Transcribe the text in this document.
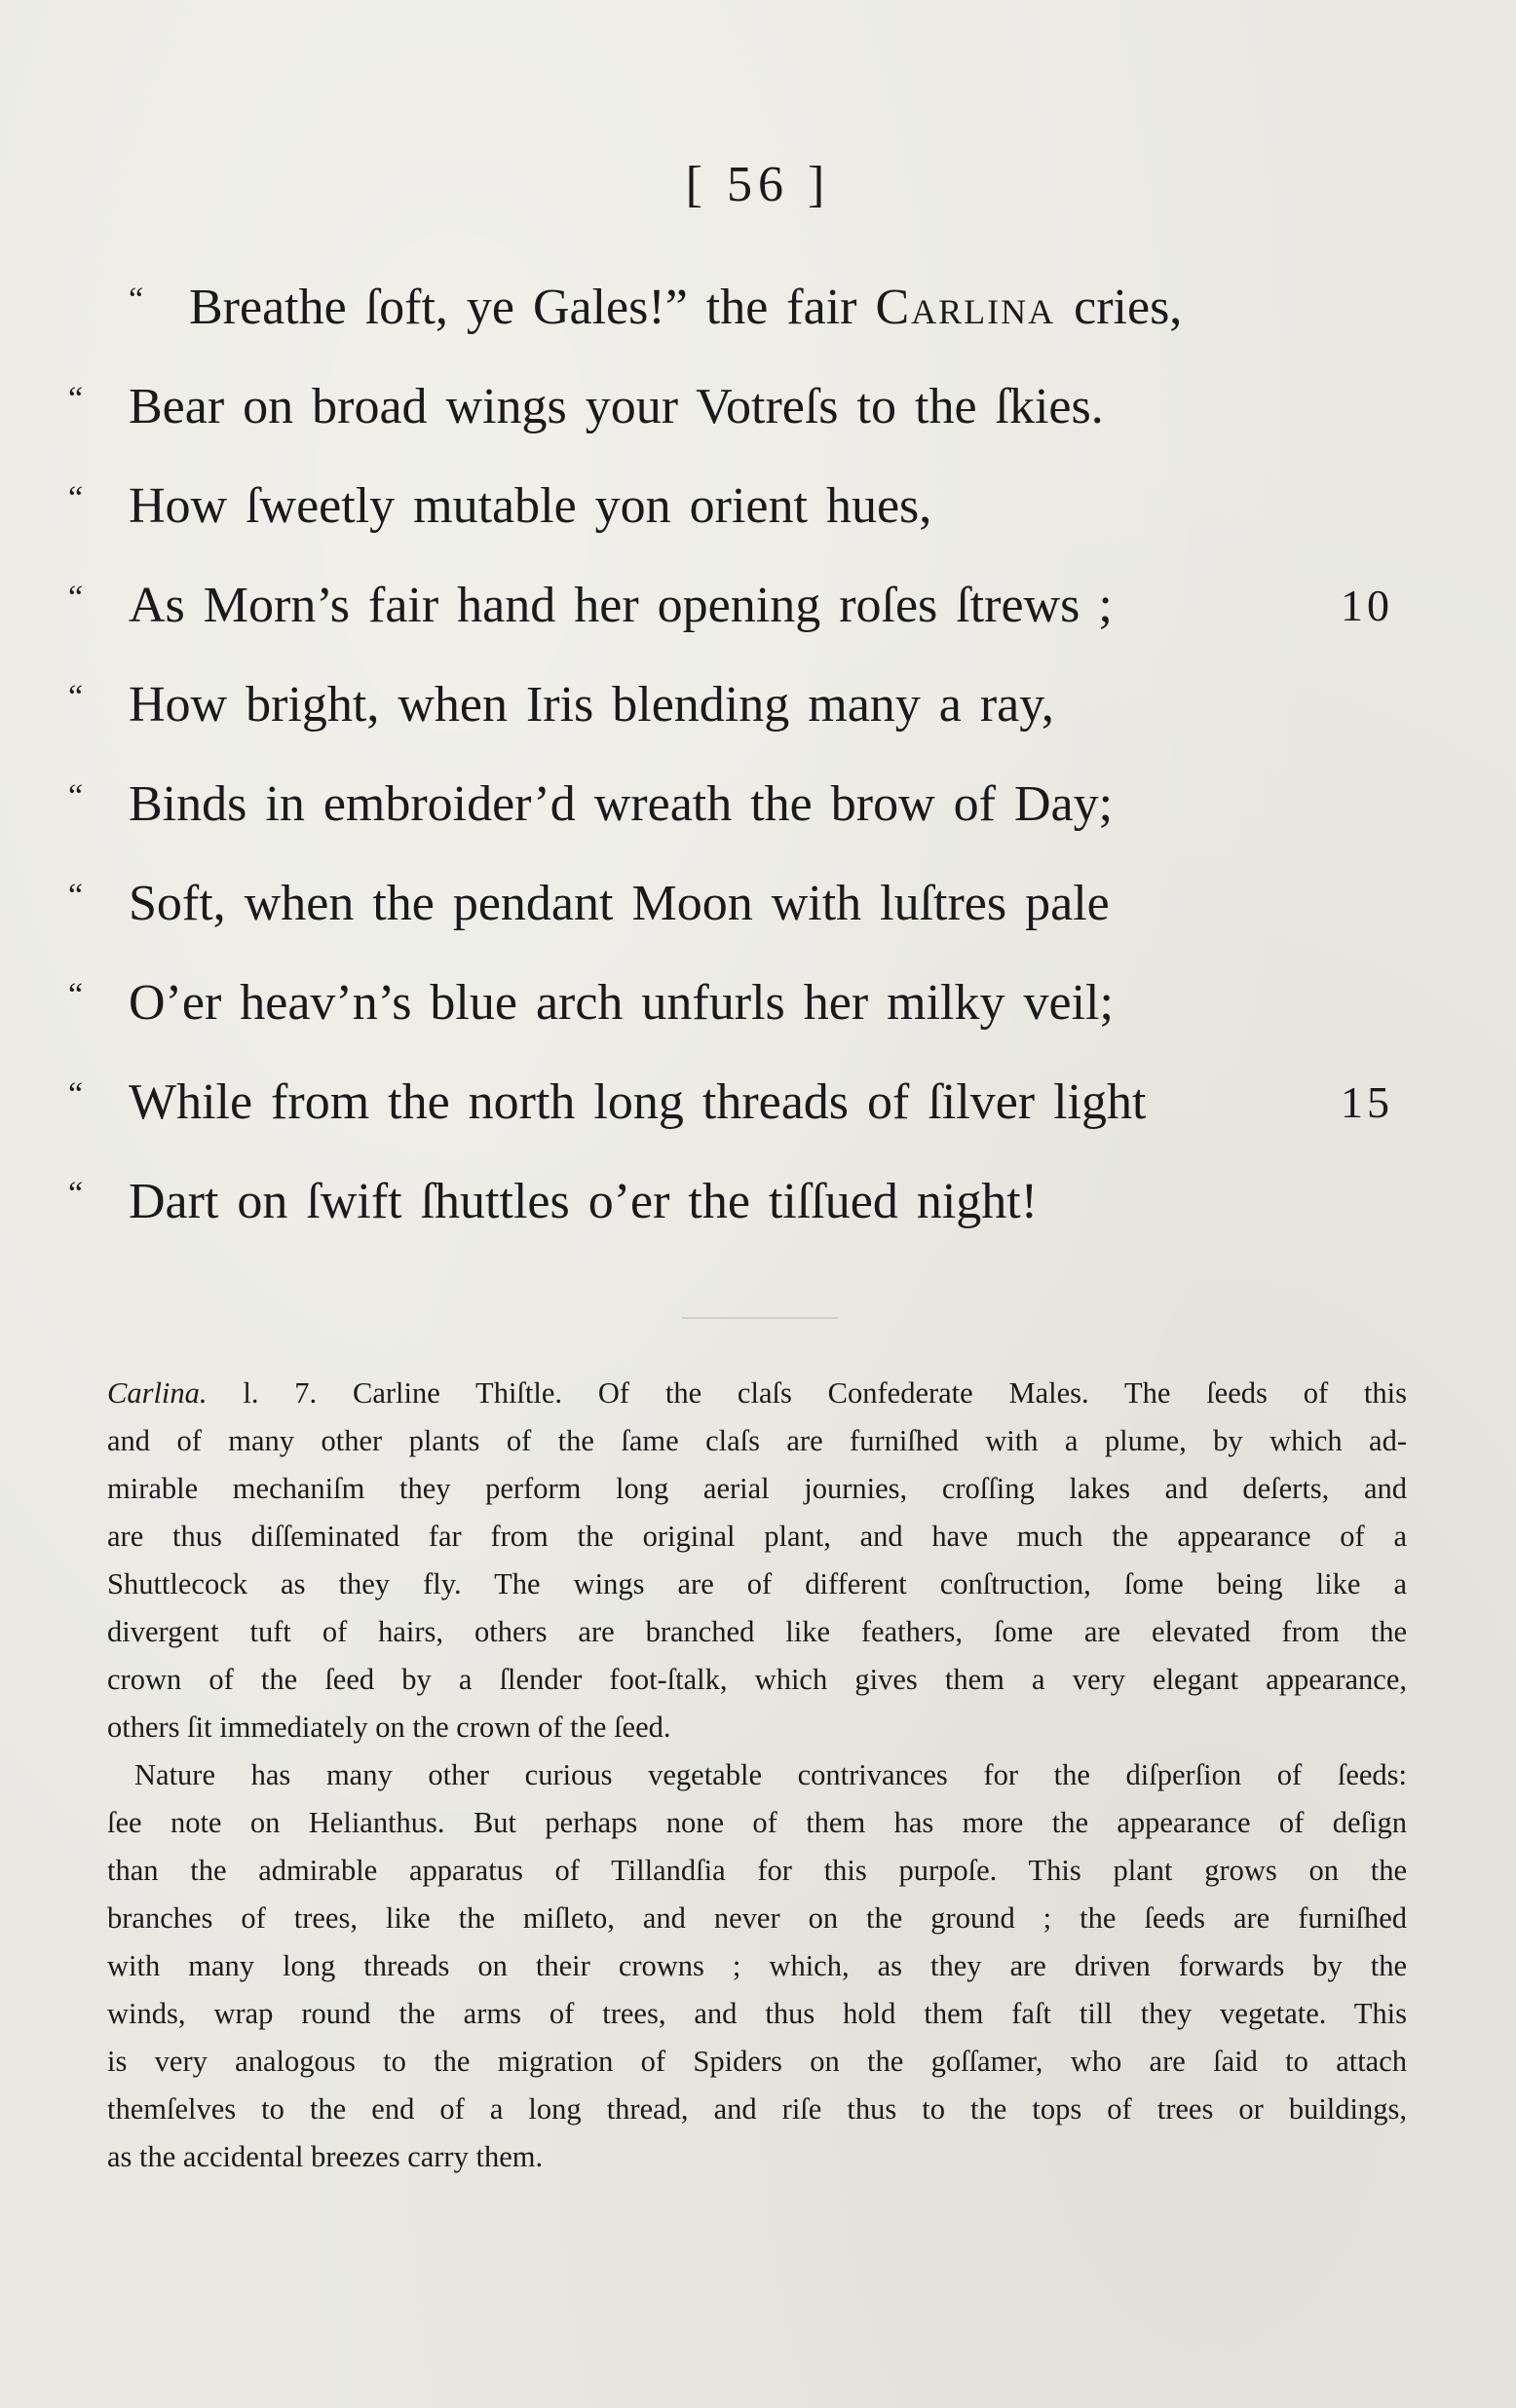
[ 56 ]
“ Breathe ſoft, ye Gales!” the fair Carlina cries,
“ Bear on broad wings your Votreſs to the ſkies.
“ How ſweetly mutable yon orient hues,
“ As Morn’s fair hand her opening roſes ſtrews ;	10
“ How bright, when Iris blending many a ray,
“ Binds in embroider’d wreath the brow of Day;
“ Soft, when the pendant Moon with luſtres pale
“ O’er heav’n’s blue arch unfurls her milky veil;
“ While from the north long threads of ſilver light	15
“ Dart on ſwift ſhuttles o’er the tiſſued night!
Carlina. l. 7. Carline Thiſtle. Of the claſs Confederate Males. The ſeeds of this
and of many other plants of the ſame claſs are furniſhed with a plume, by which ad-
mirable mechaniſm they perform long aerial journies, croſſing lakes and deſerts, and
are thus diſſeminated far from the original plant, and have much the appearance of a
Shuttlecock as they fly. The wings are of different conſtruction, ſome being like a
divergent tuft of hairs, others are branched like feathers, ſome are elevated from the
crown of the ſeed by a ſlender foot-ſtalk, which gives them a very elegant appearance,
others ſit immediately on the crown of the ſeed.
Nature has many other curious vegetable contrivances for the diſperſion of ſeeds:
ſee note on Helianthus. But perhaps none of them has more the appearance of deſign
than the admirable apparatus of Tillandſia for this purpoſe. This plant grows on the
branches of trees, like the miſleto, and never on the ground ; the ſeeds are furniſhed
with many long threads on their crowns ; which, as they are driven forwards by the
winds, wrap round the arms of trees, and thus hold them faſt till they vegetate. This
is very analogous to the migration of Spiders on the goſſamer, who are ſaid to attach
themſelves to the end of a long thread, and riſe thus to the tops of trees or buildings,
as the accidental breezes carry them.
